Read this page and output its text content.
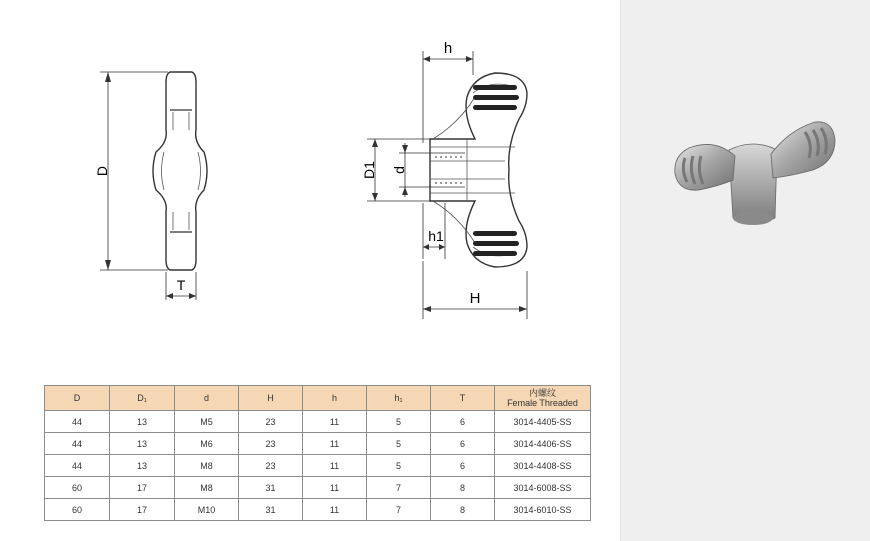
D
T
h
D1 d
h1
H
D	D₁	d	H	h	h₁	T	内螺纹
Female Threaded

44	13	M5	23	11	5	6	3014-4405-SS
44	13	M6	23	11	5	6	3014-4406-SS
44	13	M8	23	11	5	6	3014-4408-SS
60	17	M8	31	11	7	8	3014-6008-SS
60	17	M10	31	11	7	8	3014-6010-SS
